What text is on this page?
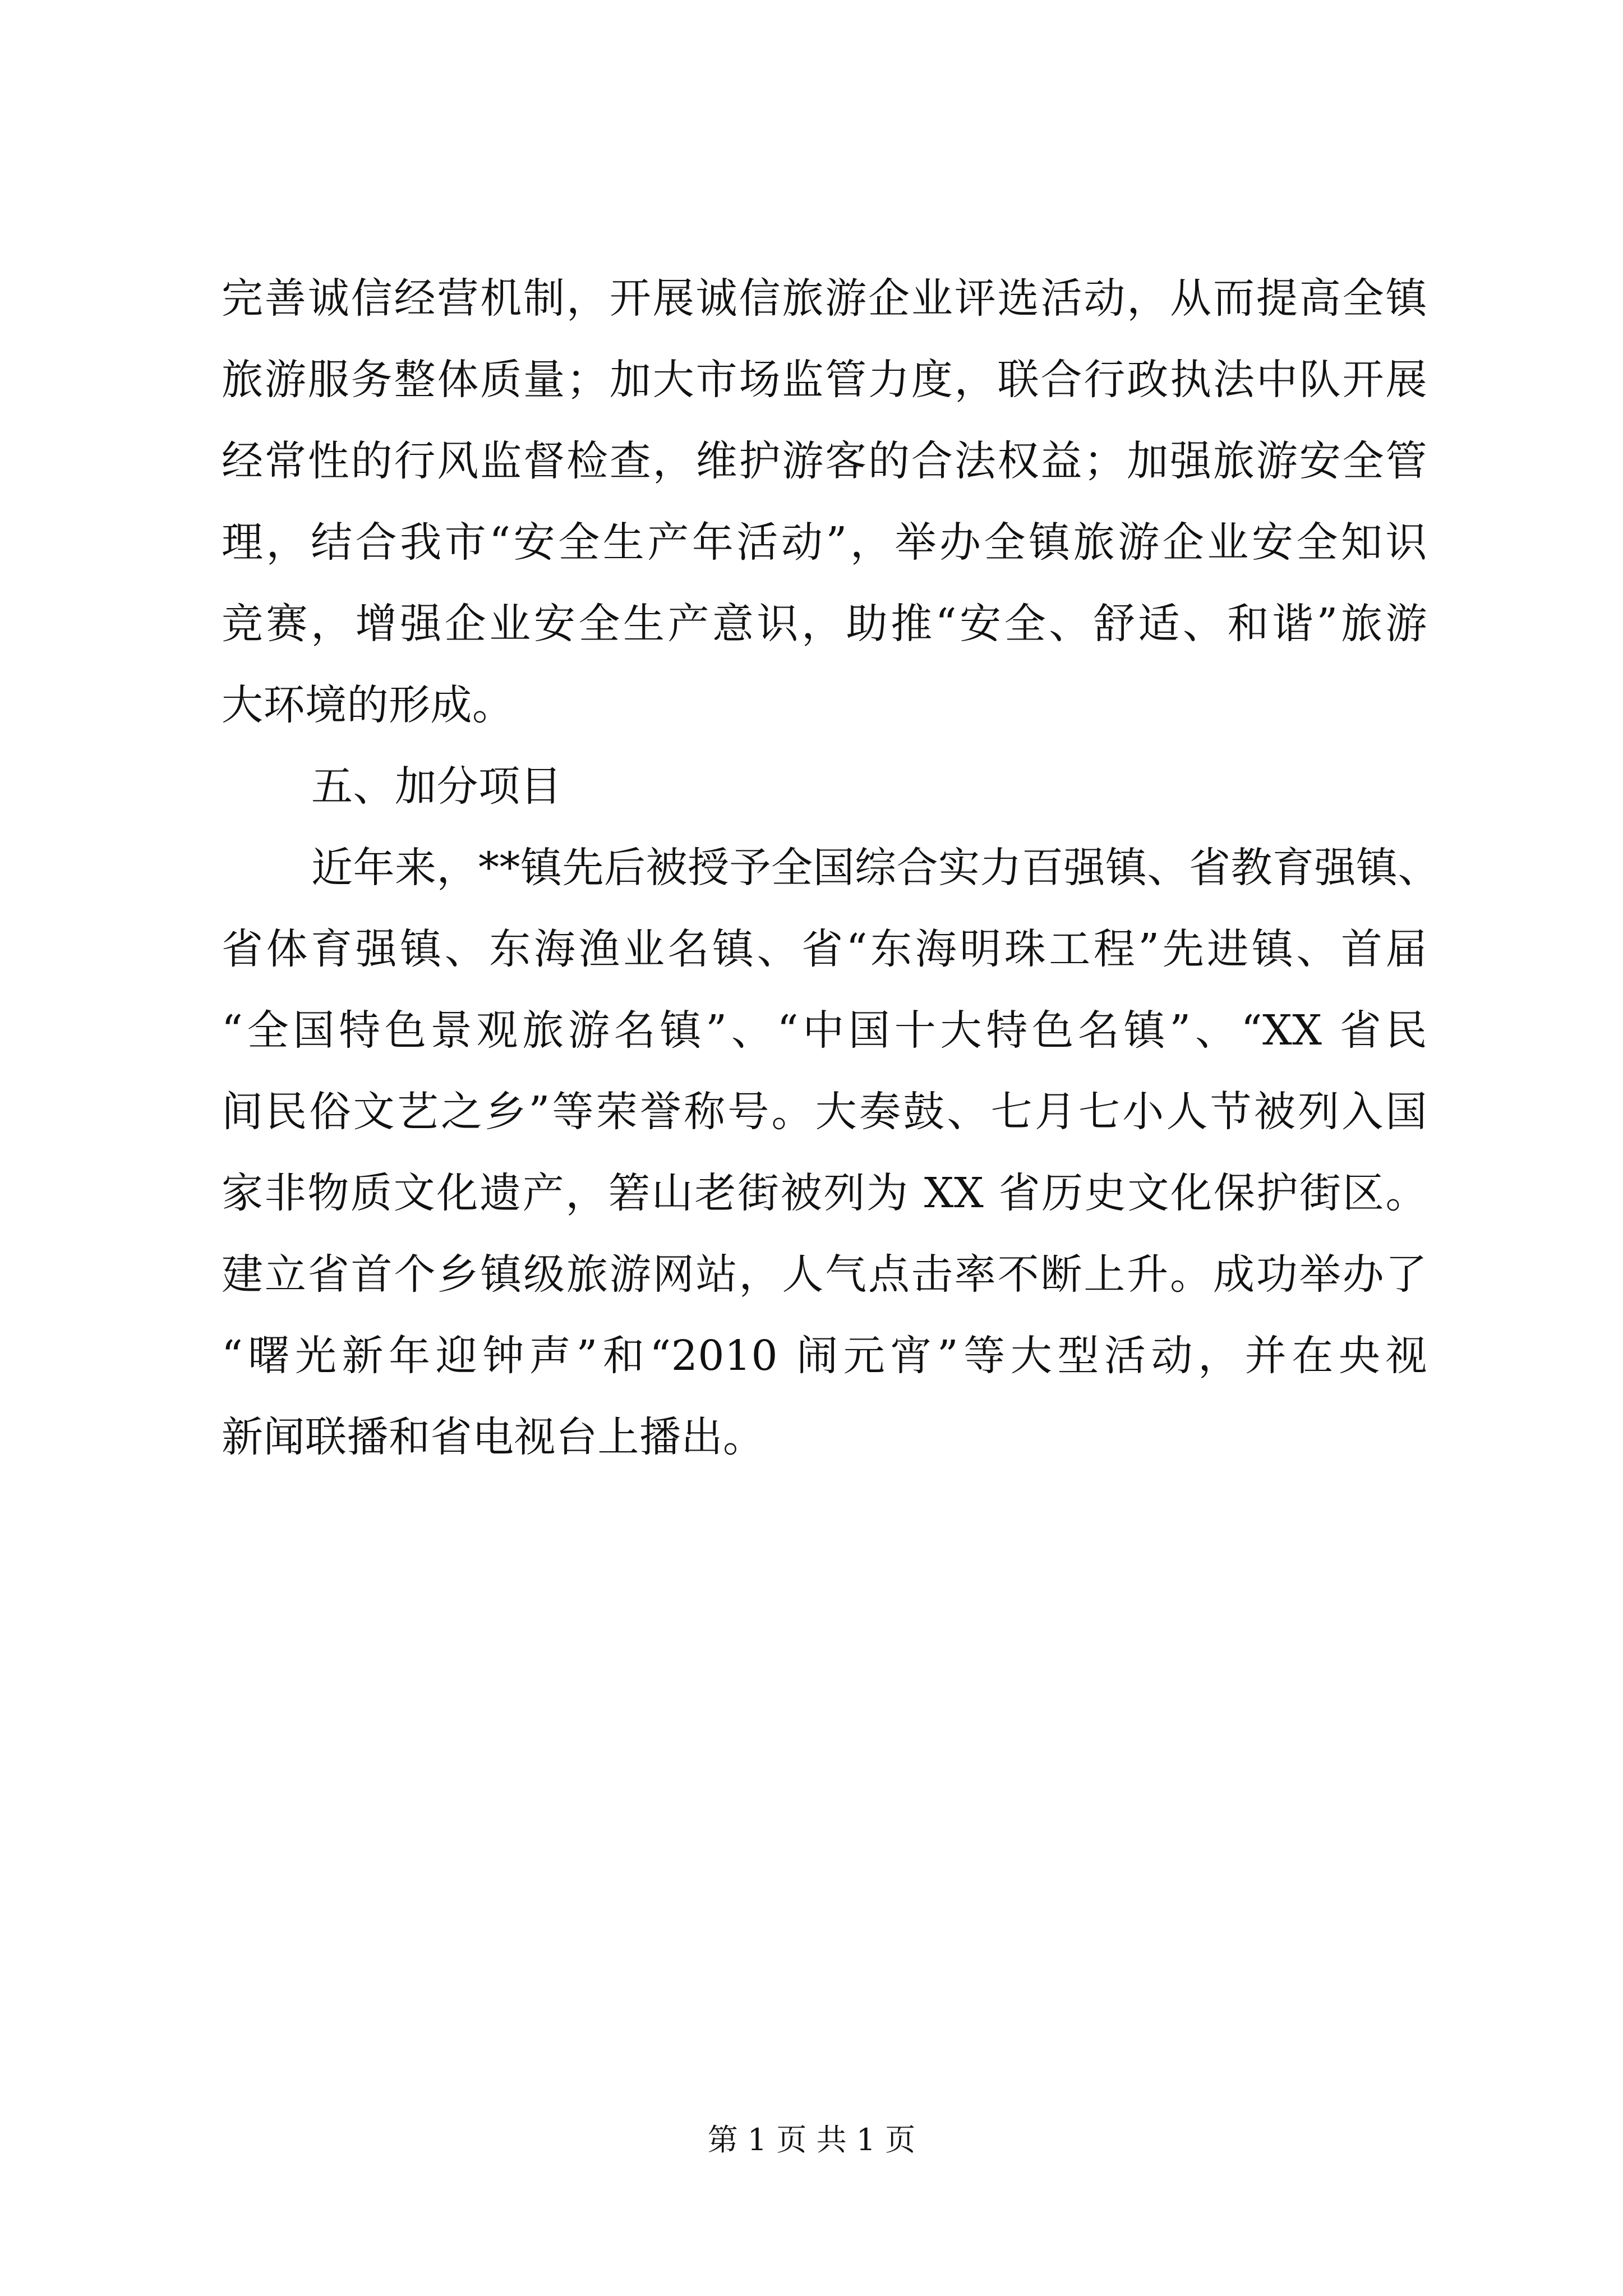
完善诚信经营机制，开展诚信旅游企业评选活动，从而提高全镇
旅游服务整体质量；加大市场监管力度，联合行政执法中队开展
经常性的行风监督检查，维护游客的合法权益；加强旅游安全管
理，结合我市“安全生产年活动”，举办全镇旅游企业安全知识
竞赛，增强企业安全生产意识，助推“安全、舒适、和谐”旅游
大环境的形成。
五、加分项目
近年来，**镇先后被授予全国综合实力百强镇、省教育强镇、
省体育强镇、东海渔业名镇、省“东海明珠工程”先进镇、首届
“全国特色景观旅游名镇”、“中国十大特色名镇”、“XX 省民
间民俗文艺之乡”等荣誉称号。大奏鼓、七月七小人节被列入国
家非物质文化遗产，箬山老街被列为 XX 省历史文化保护街区。
建立省首个乡镇级旅游网站，人气点击率不断上升。成功举办了
“曙光新年迎钟声”和“2010 闹元宵”等大型活动，并在央视
新闻联播和省电视台上播出。
第 1 页 共 1 页
